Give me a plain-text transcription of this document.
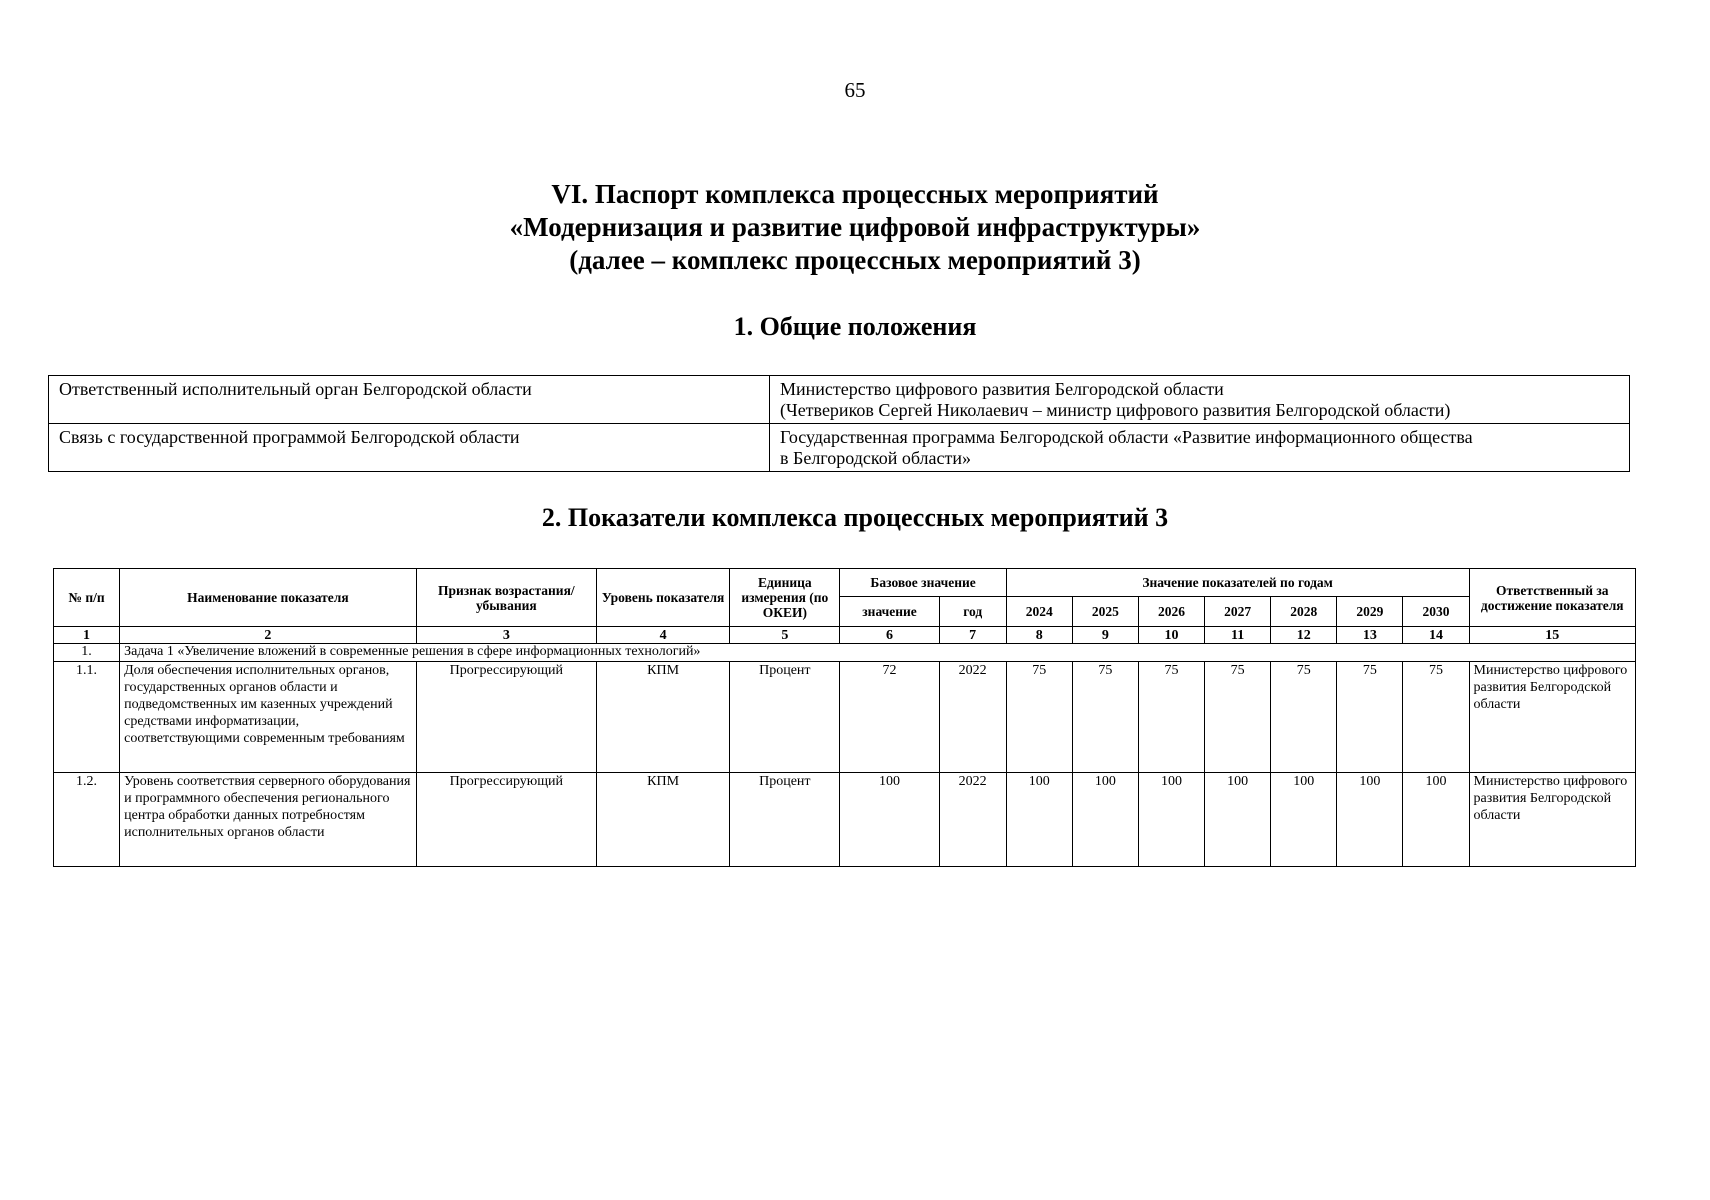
65
VI. Паспорт комплекса процессных мероприятий
«Модернизация и развитие цифровой инфраструктуры»
(далее – комплекс процессных мероприятий 3)
1. Общие положения
Ответственный исполнительный орган Белгородской области	Министерство цифрового развития Белгородской области
(Четвериков Сергей Николаевич – министр цифрового развития Белгородской области)

Связь с государственной программой Белгородской области	Государственная программа Белгородской области «Развитие информационного общества
в Белгородской области»
2. Показатели комплекса процессных мероприятий 3
№ п/п	Наименование показателя	Признак возрастания/ убывания	Уровень показателя	Единица измерения (по ОКЕИ)	Базовое значение		Значение показателей по годам							Ответственный за достижение показателя
					значение	год	2024	2025	2026	2027	2028	2029	2030	
1	2	3	4	5	6	7	8	9	10	11	12	13	14	15
1.	Задача 1 «Увеличение вложений в современные решения в сфере информационных технологий»													
1.1.	Доля обеспечения исполнительных органов, государственных органов области и подведомственных им казенных учреждений средствами информатизации, соответствующими современным требованиям	Прогрессирующий	КПМ	Процент	72	2022	75	75	75	75	75	75	75	Министерство цифрового развития Белгородской области
1.2.	Уровень соответствия серверного оборудования и программного обеспечения регионального центра обработки данных потребностям исполнительных органов области	Прогрессирующий	КПМ	Процент	100	2022	100	100	100	100	100	100	100	Министерство цифрового развития Белгородской области
